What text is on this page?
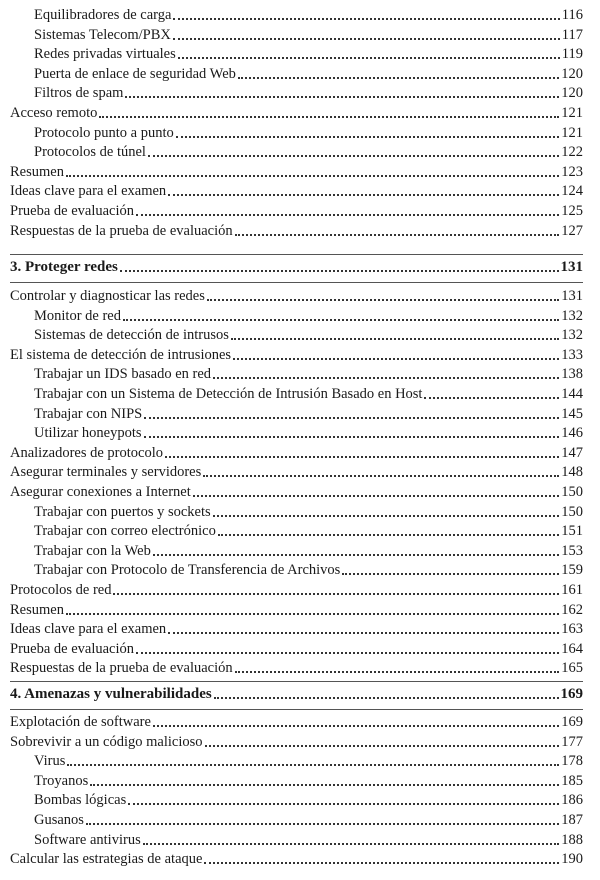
Equilibradores de carga	116
Sistemas Telecom/PBX	117
Redes privadas virtuales	119
Puerta de enlace de seguridad Web	120
Filtros de spam	120
Acceso remoto	121
Protocolo punto a punto	121
Protocolos de túnel	122
Resumen	123
Ideas clave para el examen	124
Prueba de evaluación	125
Respuestas de la prueba de evaluación	127
3. Proteger redes	131
Controlar y diagnosticar las redes	131
Monitor de red	132
Sistemas de detección de intrusos	132
El sistema de detección de intrusiones	133
Trabajar un IDS basado en red	138
Trabajar con un Sistema de Detección de Intrusión Basado en Host	144
Trabajar con NIPS	145
Utilizar honeypots	146
Analizadores de protocolo	147
Asegurar terminales y servidores	148
Asegurar conexiones a Internet	150
Trabajar con puertos y sockets	150
Trabajar con correo electrónico	151
Trabajar con la Web	153
Trabajar con Protocolo de Transferencia de Archivos	159
Protocolos de red	161
Resumen	162
Ideas clave para el examen	163
Prueba de evaluación	164
Respuestas de la prueba de evaluación	165
4. Amenazas y vulnerabilidades	169
Explotación de software	169
Sobrevivir a un código malicioso	177
Virus	178
Troyanos	185
Bombas lógicas	186
Gusanos	187
Software antivirus	188
Calcular las estrategias de ataque	190
